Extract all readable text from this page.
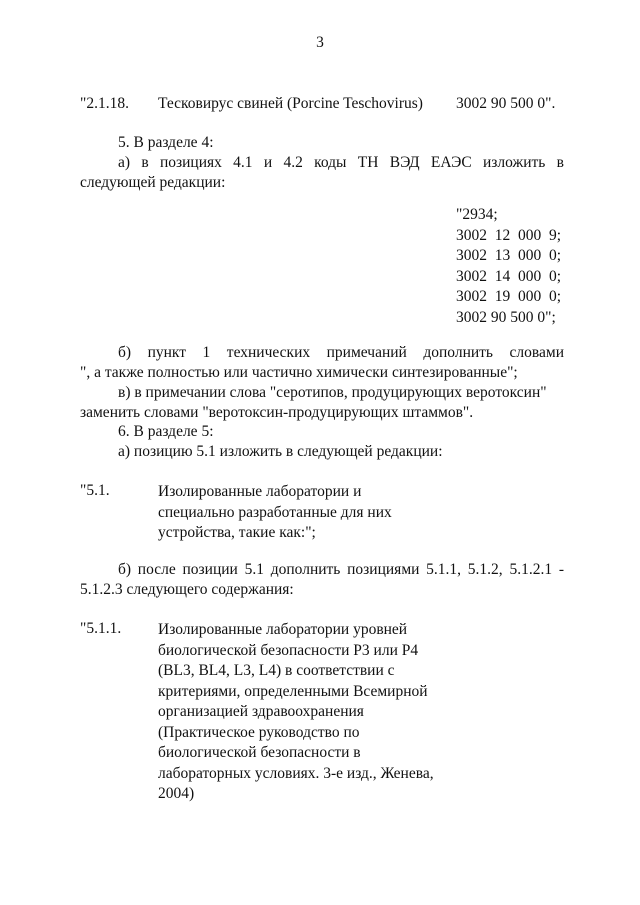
3
"2.1.18. Тесковирус свиней (Porcine Teschovirus) 3002 90 500 0".
5. В разделе 4:
а) в позициях 4.1 и 4.2 коды ТН ВЭД ЕАЭС изложить в
следующей редакции:
"2934;
3002  12  000  9;
3002  13  000  0;
3002  14  000  0;
3002  19  000  0;
3002 90 500 0";
б) пункт 1 технических примечаний дополнить словами
", а также полностью или частично химически синтезированные";
в) в примечании слова "серотипов, продуцирующих веротоксин"
заменить словами "веротоксин-продуцирующих штаммов".
6. В разделе 5:
а) позицию 5.1 изложить в следующей редакции:
"5.1.	Изолированные лаборатории и
специально разработанные для них
устройства, такие как:";
б) после позиции 5.1 дополнить позициями 5.1.1, 5.1.2, 5.1.2.1 -
5.1.2.3 следующего содержания:
"5.1.1. Изолированные лаборатории уровней
биологической безопасности Р3 или Р4
(BL3, BL4, L3, L4) в соответствии с
критериями, определенными Всемирной
организацией здравоохранения
(Практическое руководство по
биологической безопасности в
лабораторных условиях. 3-е изд., Женева,
2004)
